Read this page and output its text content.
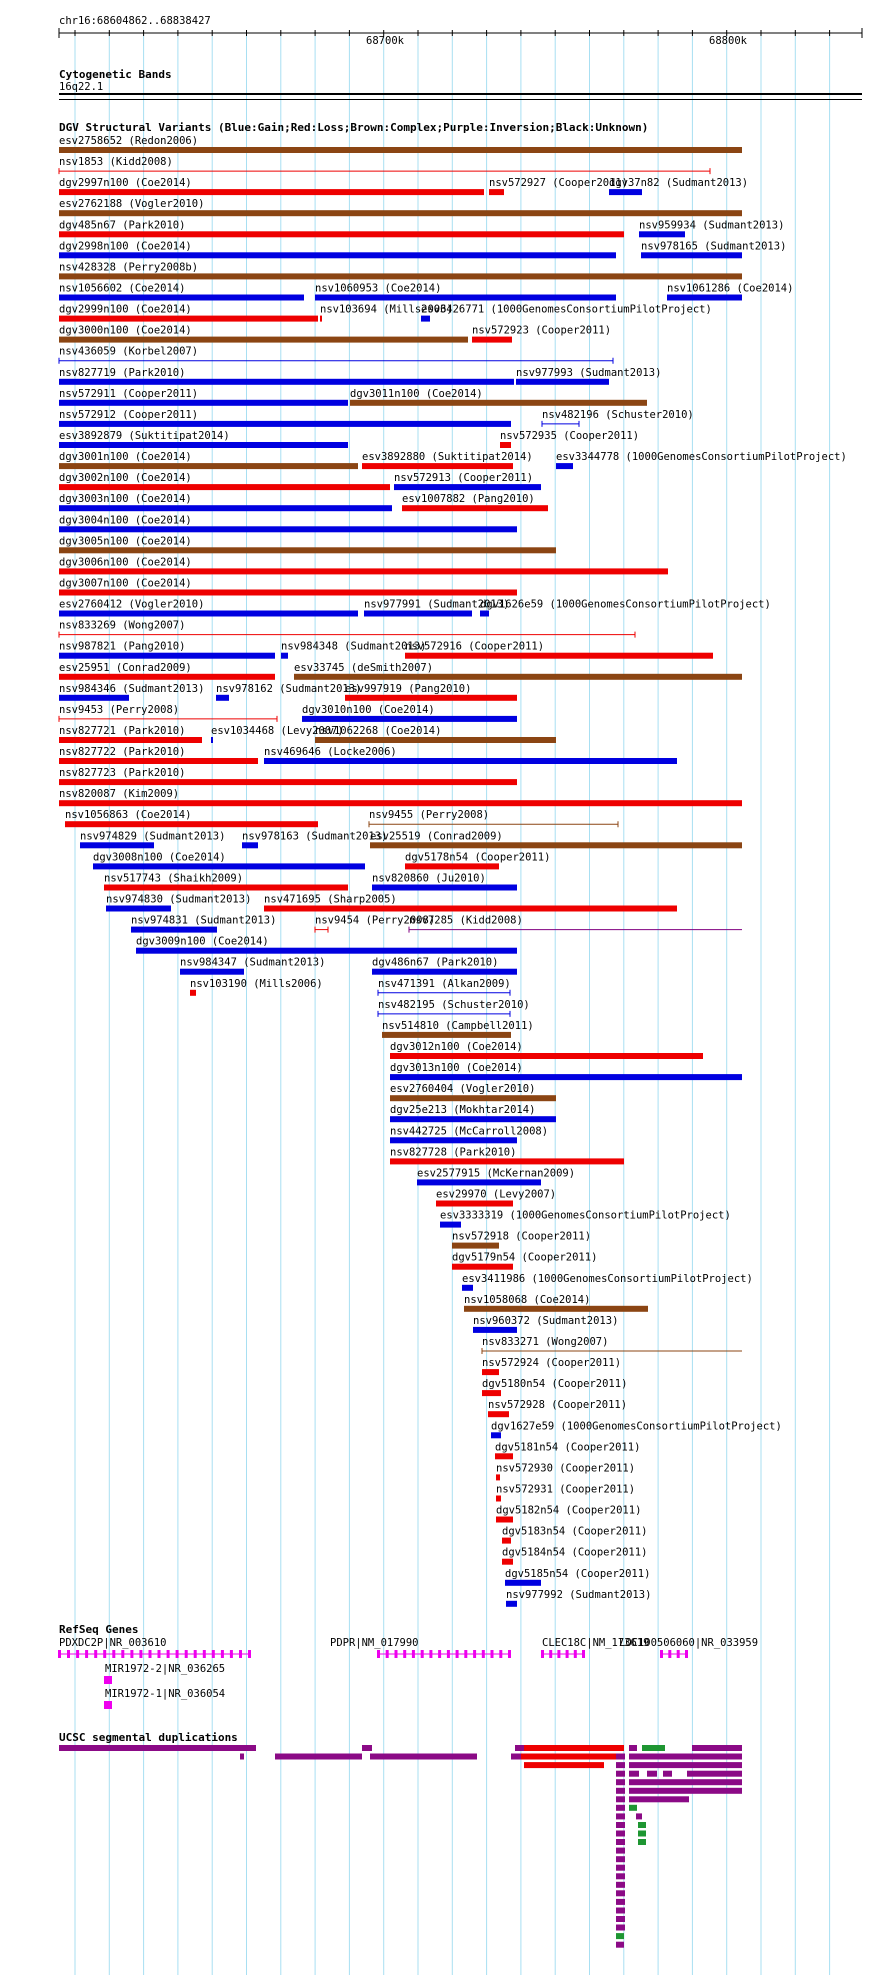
chr16:68604862..68838427
68700k	68800k
Cytogenetic Bands
16q22.1
DGV Structural Variants (Blue:Gain;Red:Loss;Brown:Complex;Purple:Inversion;Black:Unknown)
esv2758652 (Redon2006)
nsv1853 (Kidd2008)
dgv2997n100 (Coe2014)	nsv572927 (Cooper2011)
dgv37n82 (Sudmant2013)
esv2762188 (Vogler2010)
dgv485n67 (Park2010)	nsv959934 (Sudmant2013)
dgv2998n100 (Coe2014)	nsv978165 (Sudmant2013)
nsv428328 (Perry2008b)
nsv1056602 (Coe2014)	nsv1060953 (Coe2014)	nsv1061286 (Coe2014)
dgv2999n100 (Coe2014)	nsv103694 (Mills2006)
esv3426771 (1000GenomesConsortiumPilotProject)
dgv3000n100 (Coe2014)	nsv572923 (Cooper2011)
nsv436059 (Korbel2007)
nsv827719 (Park2010)	nsv977993 (Sudmant2013)
nsv572911 (Cooper2011)	dgv3011n100 (Coe2014)
nsv572912 (Cooper2011)	nsv482196 (Schuster2010)
esv3892879 (Suktitipat2014)	nsv572935 (Cooper2011)
dgv3001n100 (Coe2014)	esv3892880 (Suktitipat2014) esv3344778 (1000GenomesConsortiumPilotProject)
dgv3002n100 (Coe2014)	nsv572913 (Cooper2011)
dgv3003n100 (Coe2014)	esv1007882 (Pang2010)
dgv3004n100 (Coe2014)
dgv3005n100 (Coe2014)
dgv3006n100 (Coe2014)
dgv3007n100 (Coe2014)
esv2760412 (Vogler2010)	nsv977991 (Sudmant2013)
dgv1626e59 (1000GenomesConsortiumPilotProject)
nsv833269 (Wong2007)
nsv987821 (Pang2010)	nsv984348 (Sudmant2013)
nsv572916 (Cooper2011)
esv25951 (Conrad2009)	esv33745 (deSmith2007)
nsv984346 (Sudmant2013) nsv978162 (Sudmant2013)
esv997919 (Pang2010)
nsv9453 (Perry2008)	dgv3010n100 (Coe2014)
nsv827721 (Park2010) esv1034468 (Levy2007)
nsv1062268 (Coe2014)
nsv827722 (Park2010)	nsv469646 (Locke2006)
nsv827723 (Park2010)
nsv820087 (Kim2009)
nsv1056863 (Coe2014)	nsv9455 (Perry2008)
nsv974829 (Sudmant2013) nsv978163 (Sudmant2013)
esv25519 (Conrad2009)
dgv3008n100 (Coe2014)	dgv5178n54 (Cooper2011)
nsv517743 (Shaikh2009)	nsv820860 (Ju2010)
nsv974830 (Sudmant2013) nsv471695 (Sharp2005)
nsv974831 (Sudmant2013)	nsv9454 (Perry2008)
nsv7285 (Kidd2008)
dgv3009n100 (Coe2014)
nsv984347 (Sudmant2013)	dgv486n67 (Park2010)
nsv103190 (Mills2006)	nsv471391 (Alkan2009)
nsv482195 (Schuster2010)
nsv514810 (Campbell2011)
dgv3012n100 (Coe2014)
dgv3013n100 (Coe2014)
esv2760404 (Vogler2010)
dgv25e213 (Mokhtar2014)
nsv442725 (McCarroll2008)
nsv827728 (Park2010)
esv2577915 (McKernan2009)
esv29970 (Levy2007)
esv3333319 (1000GenomesConsortiumPilotProject)
nsv572918 (Cooper2011)
dgv5179n54 (Cooper2011)
esv3411986 (1000GenomesConsortiumPilotProject)
nsv1058068 (Coe2014)
nsv960372 (Sudmant2013)
nsv833271 (Wong2007)
nsv572924 (Cooper2011)
dgv5180n54 (Cooper2011)
nsv572928 (Cooper2011)
dgv1627e59 (1000GenomesConsortiumPilotProject)
dgv5181n54 (Cooper2011)
nsv572930 (Cooper2011)
nsv572931 (Cooper2011)
dgv5182n54 (Cooper2011)
dgv5183n54 (Cooper2011)
dgv5184n54 (Cooper2011)
dgv5185n54 (Cooper2011)
nsv977992 (Sudmant2013)
RefSeq Genes
PDXDC2P|NR_003610
MIR1972-2|NR_036265
MIR1972-1|NR_036054
PDPR|NM_017990	CLEC18C|NM_173619
LOC100506060|NR_033959
UCSC segmental duplications
